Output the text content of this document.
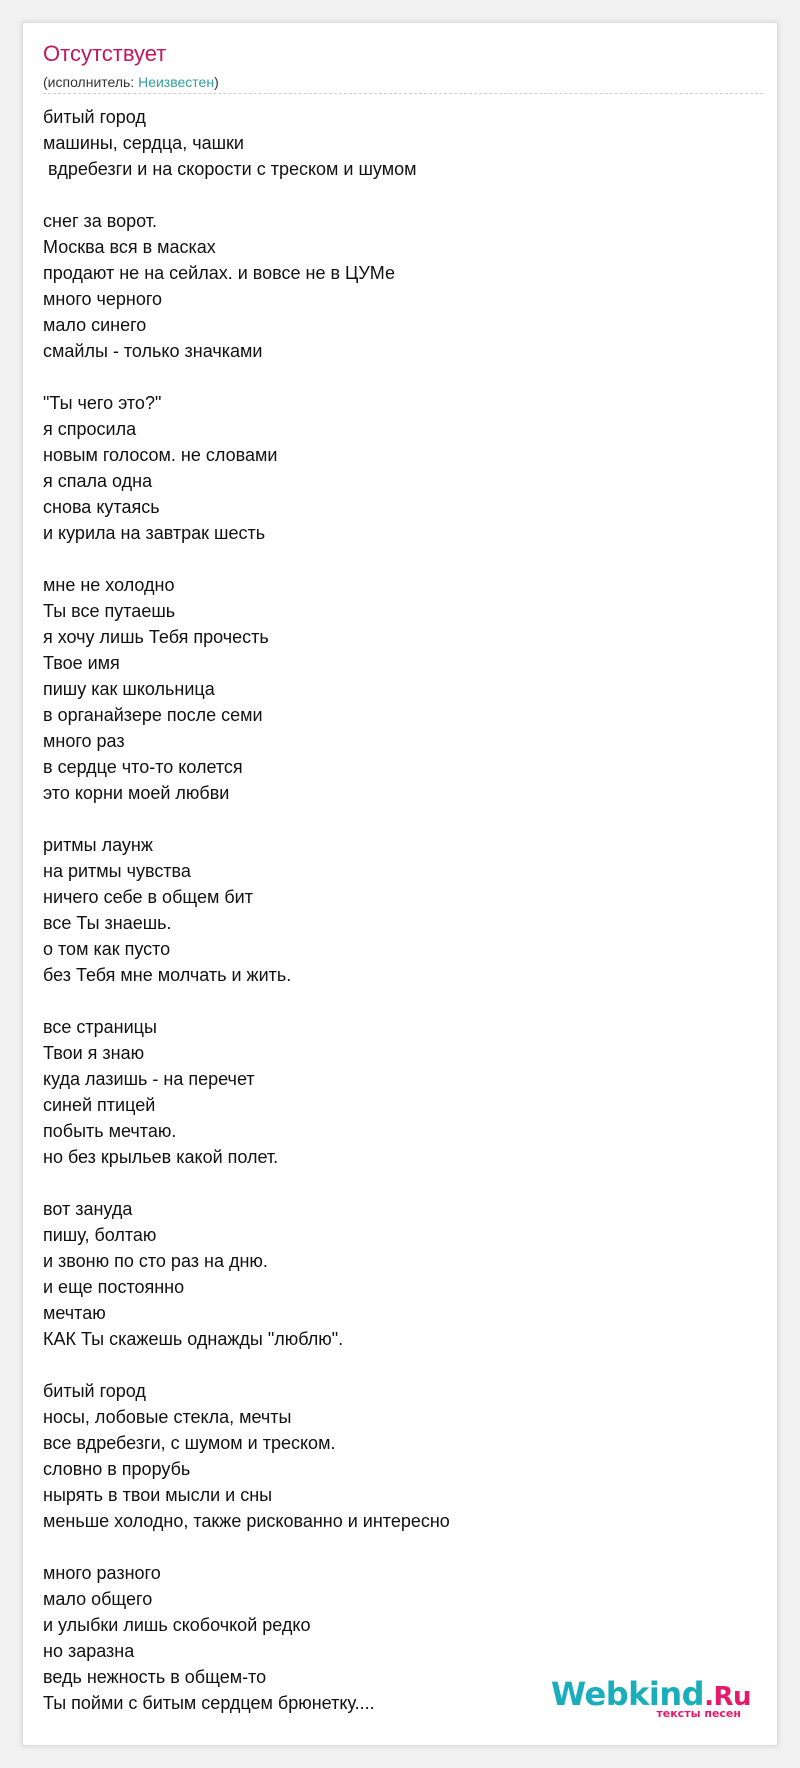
Отсутствует
(исполнитель: Неизвестен)
битый город
машины, сердца, чашки
вдребезги и на скорости с треском и шумом
снег за ворот.
Москва вся в масках
продают не на сейлах. и вовсе не в ЦУМе
много черного
мало синего
смайлы - только значками
"Ты чего это?"
я спросила
новым голосом. не словами
я спала одна
снова кутаясь
и курила на завтрак шесть
мне не холодно
Ты все путаешь
я хочу лишь Тебя прочесть
Твое имя
пишу как школьница
в органайзере после семи
много раз
в сердце что-то колется
это корни моей любви
ритмы лаунж
на ритмы чувства
ничего себе в общем бит
все Ты знаешь.
о том как пусто
без Тебя мне молчать и жить.
все страницы
Твои я знаю
куда лазишь - на перечет
синей птицей
побыть мечтаю.
но без крыльев какой полет.
вот зануда
пишу, болтаю
и звоню по сто раз на дню.
и еще постоянно
мечтаю
КАК Ты скажешь однажды "люблю".
битый город
носы, лобовые стекла, мечты
все вдребезги, с шумом и треском.
словно в прорубь
нырять в твои мысли и сны
меньше холодно, также рискованно и интересно
много разного
мало общего
и улыбки лишь скобочкой редко
но заразна
ведь нежность в общем-то
Ты пойми с битым сердцем брюнетку....	Webkind.Ru
тексты песен
